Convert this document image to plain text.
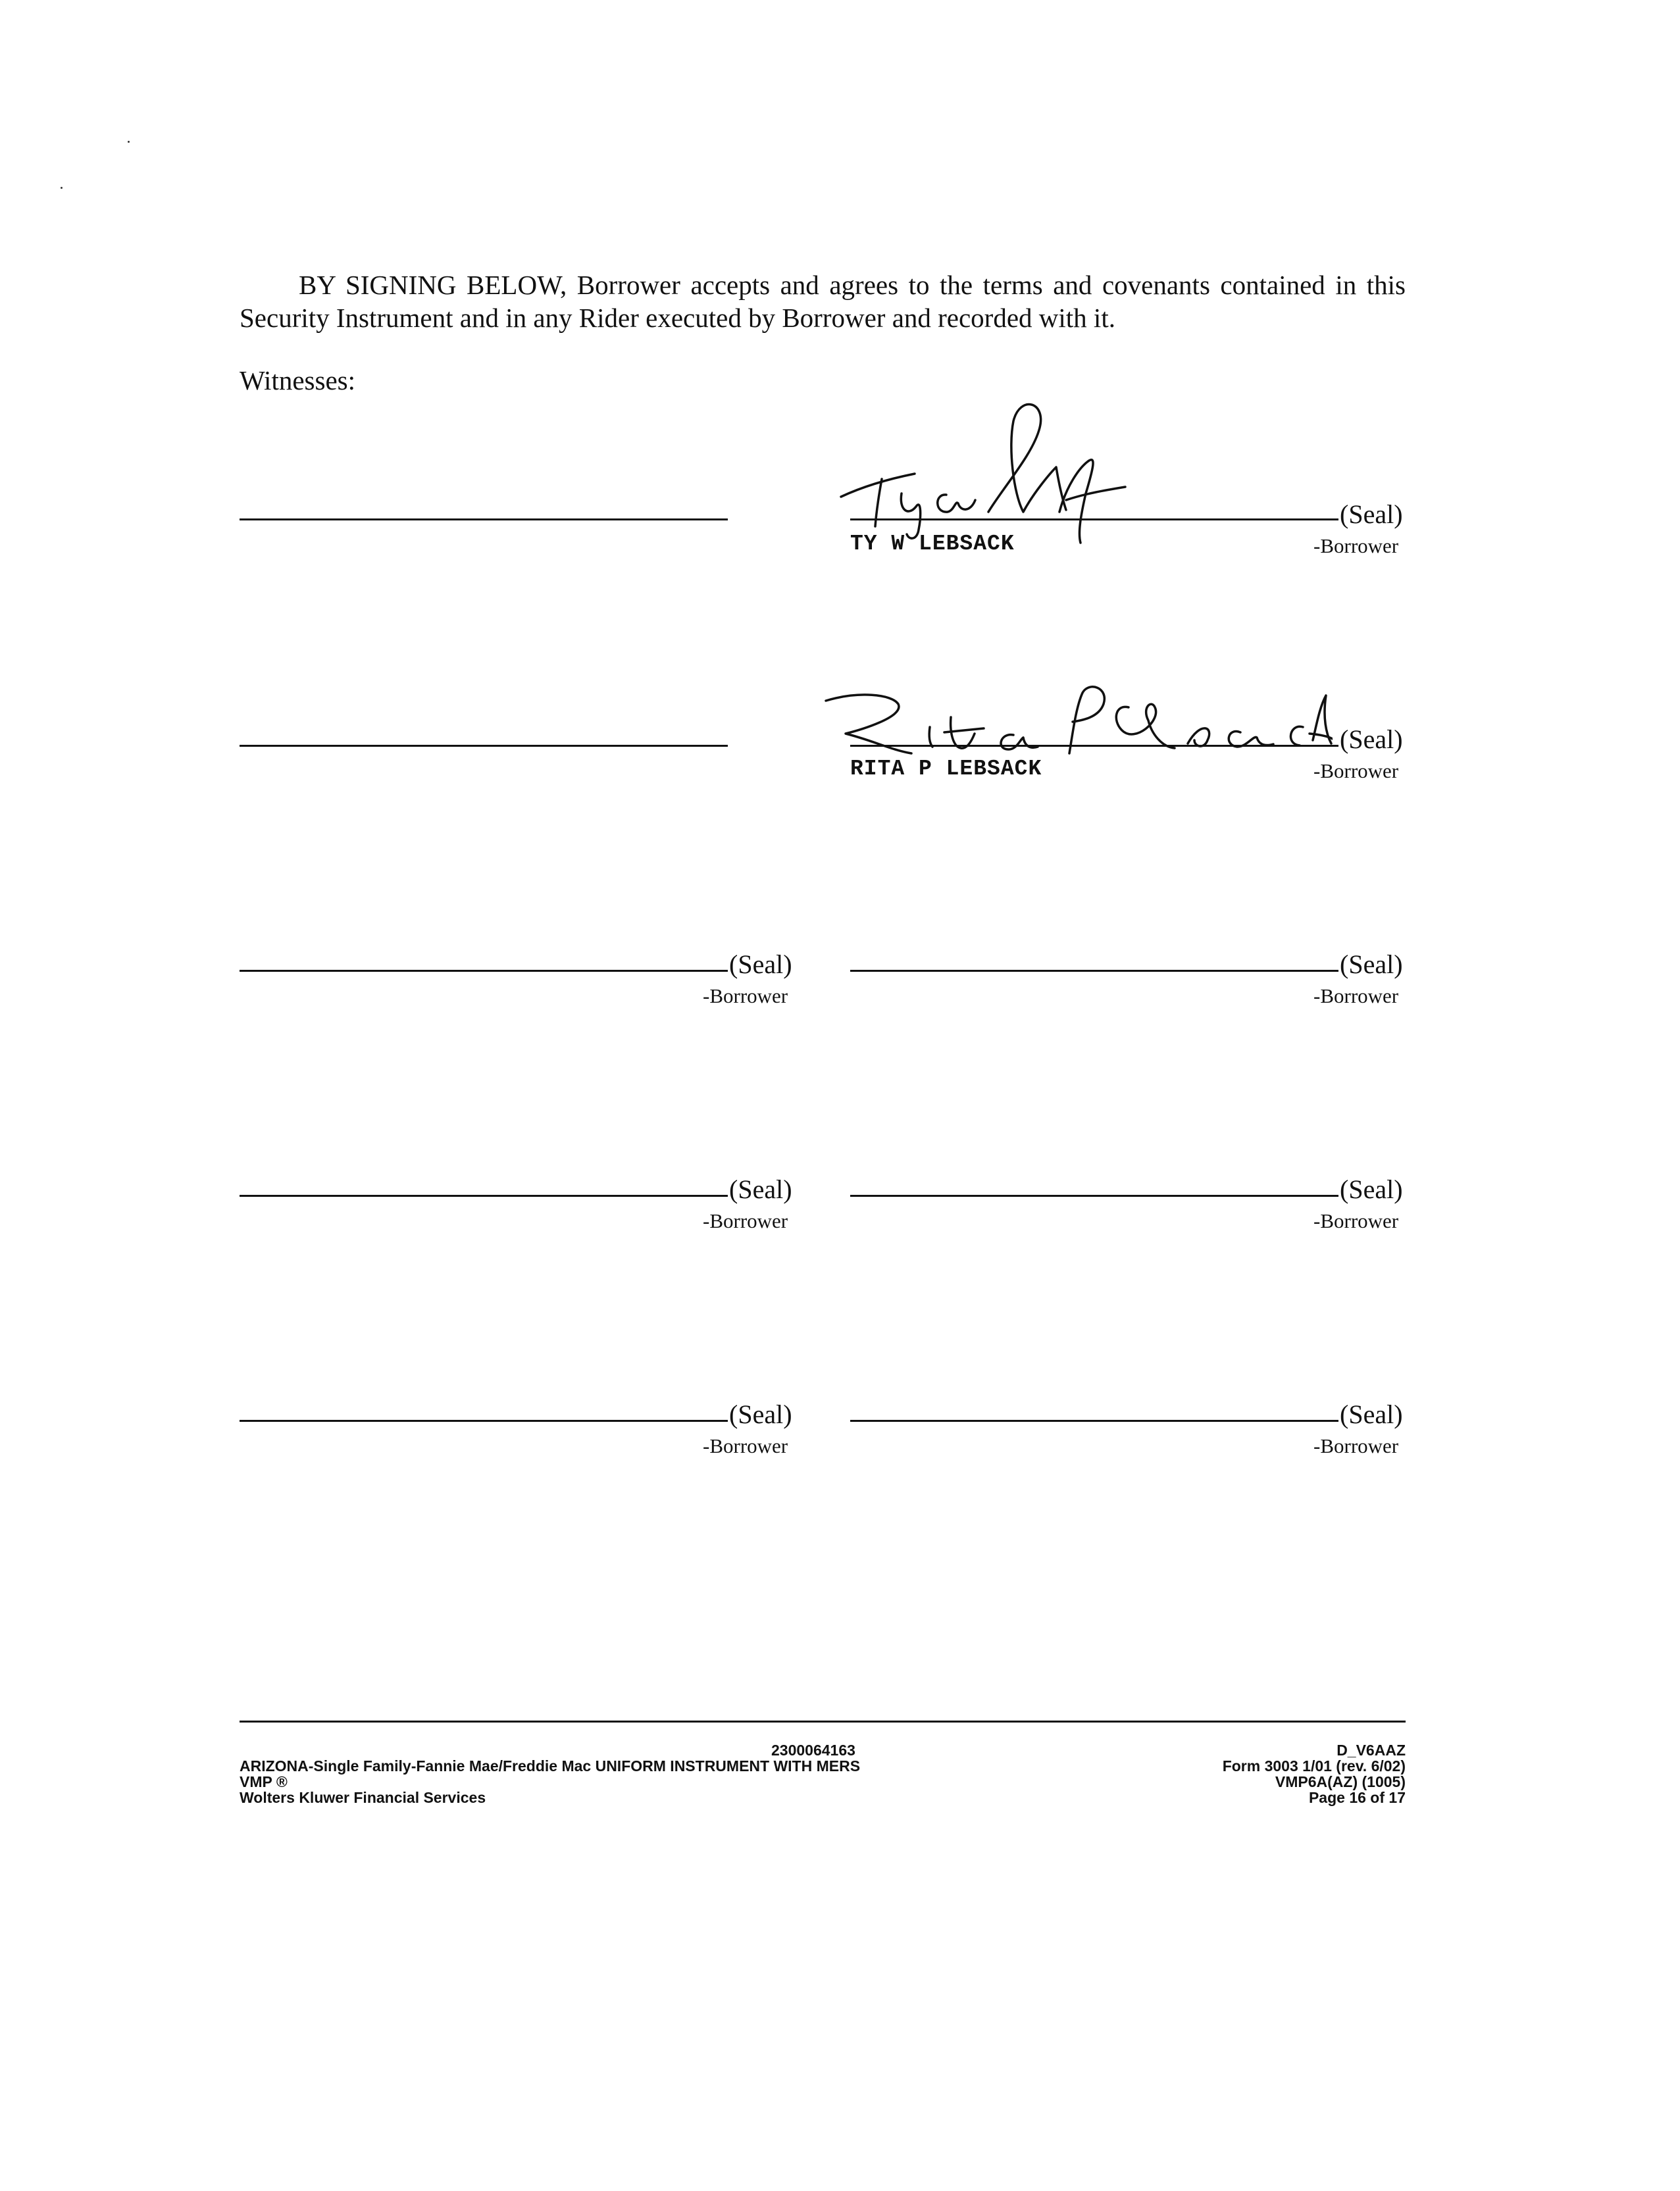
BY SIGNING BELOW, Borrower accepts and agrees to the terms and covenants contained in this Security Instrument and in any Rider executed by Borrower and recorded with it.

Witnesses:
(Seal)
TY W LEBSACK	-Borrower
(Seal)
RITA P LEBSACK	-Borrower
(Seal)
-Borrower
(Seal)
-Borrower
(Seal)
-Borrower
(Seal)
-Borrower
(Seal)
-Borrower
(Seal)
-Borrower
2300064163
ARIZONA-Single Family-Fannie Mae/Freddie Mac UNIFORM INSTRUMENT WITH MERS
VMP ®
Wolters Kluwer Financial Services
D_V6AAZ
Form 3003 1/01 (rev. 6/02)
VMP6A(AZ) (1005)
Page 16 of 17
